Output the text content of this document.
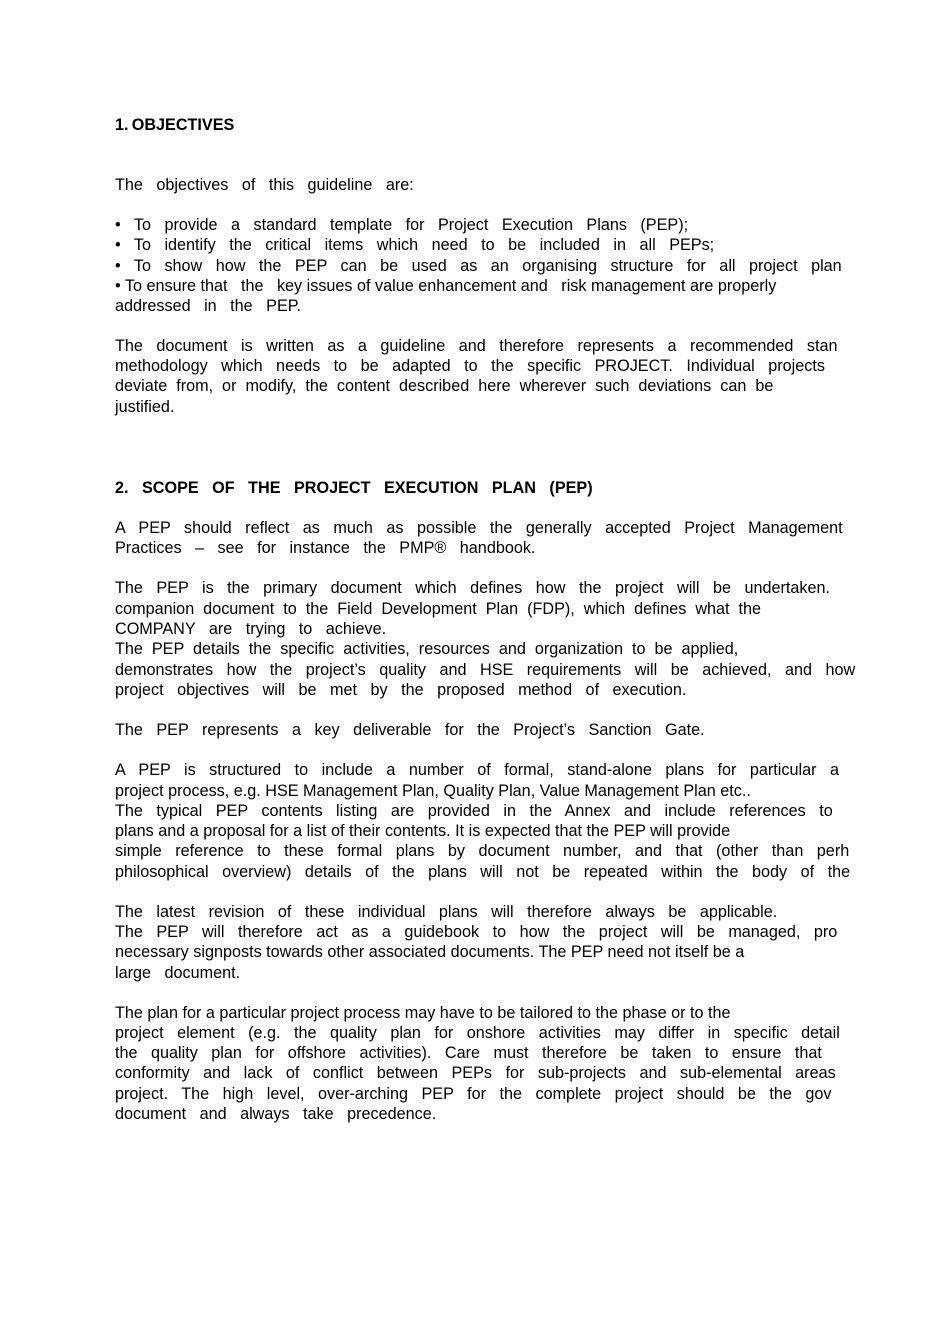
1. OBJECTIVES
The   objectives   of   this   guideline   are:
•   To   provide   a   standard   template   for   Project   Execution   Plans   (PEP);
•   To   identify   the   critical   items   which   need   to   be   included   in   all   PEPs;
•   To   show   how   the   PEP   can   be   used   as   an   organising   structure   for   all   project   plan
• To ensure that   the   key issues of value enhancement and   risk management are properly
addressed   in   the   PEP.
The   document   is   written   as   a   guideline   and   therefore   represents   a   recommended   stan
methodology   which   needs   to   be   adapted   to   the   specific   PROJECT.   Individual   projects
deviate  from,  or  modify,  the  content  described  here  wherever  such  deviations  can  be
justified.
2.   SCOPE   OF   THE   PROJECT   EXECUTION   PLAN   (PEP)
A   PEP   should   reflect   as   much   as   possible   the   generally   accepted   Project   Management
Practices   –   see   for   instance   the   PMP®   handbook.
The   PEP   is   the   primary   document   which   defines   how   the   project   will   be   undertaken.
companion  document  to  the  Field  Development  Plan  (FDP),  which  defines  what  the
COMPANY   are   trying   to   achieve.
The  PEP  details  the  specific  activities,  resources  and  organization  to  be  applied,
demonstrates   how   the   project’s   quality   and   HSE   requirements   will   be   achieved,   and   how
project   objectives   will   be   met   by   the   proposed   method   of   execution.
The   PEP   represents   a   key   deliverable   for   the   Project’s   Sanction   Gate.
A   PEP   is   structured   to   include   a   number   of   formal,   stand-alone   plans   for   particular   a
project process, e.g. HSE Management Plan, Quality Plan, Value Management Plan etc..
The   typical   PEP   contents   listing   are   provided   in   the   Annex   and   include   references   to
plans and a proposal for a list of their contents. It is expected that the PEP will provide
simple   reference   to   these   formal   plans   by   document   number,   and   that   (other   than   perh
philosophical   overview)   details   of   the   plans   will   not   be   repeated   within   the   body   of   the
The   latest   revision   of   these   individual   plans   will   therefore   always   be   applicable.
The   PEP   will   therefore   act   as   a   guidebook   to   how   the   project   will   be   managed,   pro
necessary signposts towards other associated documents. The PEP need not itself be a
large   document.
The plan for a particular project process may have to be tailored to the phase or to the
project   element   (e.g.   the   quality   plan   for   onshore   activities   may   differ   in   specific   detail
the   quality   plan   for   offshore   activities).   Care   must   therefore   be   taken   to   ensure   that
conformity   and   lack   of   conflict   between   PEPs   for   sub-projects   and   sub-elemental   areas
project.   The   high   level,   over-arching   PEP   for   the   complete   project   should   be   the   gov
document   and   always   take   precedence.
